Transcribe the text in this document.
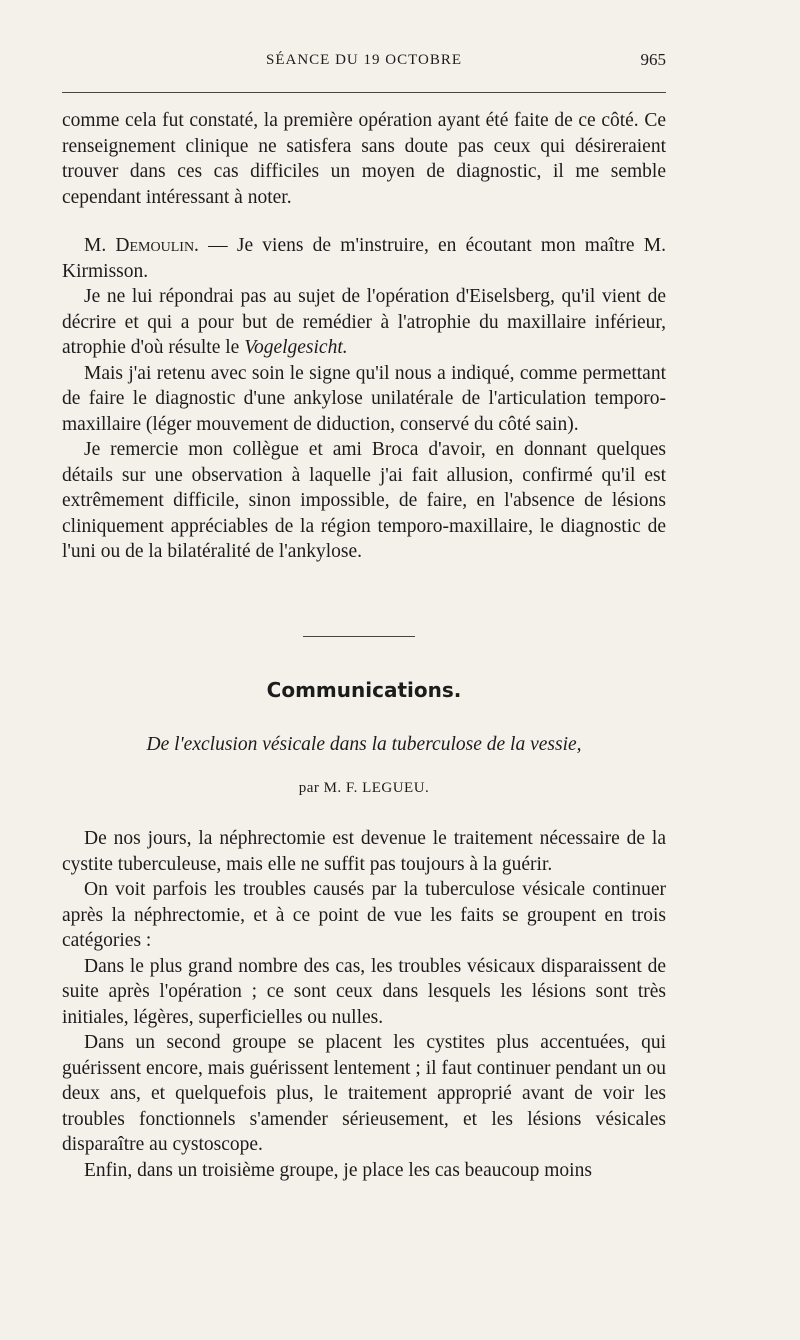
SÉANCE DU 19 OCTOBRE	965

comme cela fut constaté, la première opération ayant été faite de ce côté. Ce renseignement clinique ne satisfera sans doute pas ceux qui désireraient trouver dans ces cas difficiles un moyen de diagnostic, il me semble cependant intéressant à noter.

M. Demoulin. — Je viens de m'instruire, en écoutant mon maître M. Kirmisson.

Je ne lui répondrai pas au sujet de l'opération d'Eiselsberg, qu'il vient de décrire et qui a pour but de remédier à l'atrophie du maxillaire inférieur, atrophie d'où résulte le Vogelgesicht.

Mais j'ai retenu avec soin le signe qu'il nous a indiqué, comme permettant de faire le diagnostic d'une ankylose unilatérale de l'articulation temporo-maxillaire (léger mouvement de diduction, conservé du côté sain).

Je remercie mon collègue et ami Broca d'avoir, en donnant quelques détails sur une observation à laquelle j'ai fait allusion, confirmé qu'il est extrêmement difficile, sinon impossible, de faire, en l'absence de lésions cliniquement appréciables de la région temporo-maxillaire, le diagnostic de l'uni ou de la bilatéralité de l'ankylose.

Communications.
De l'exclusion vésicale dans la tuberculose de la vessie,
par M. F. LEGUEU.

De nos jours, la néphrectomie est devenue le traitement nécessaire de la cystite tuberculeuse, mais elle ne suffit pas toujours à la guérir.

On voit parfois les troubles causés par la tuberculose vésicale continuer après la néphrectomie, et à ce point de vue les faits se groupent en trois catégories :

Dans le plus grand nombre des cas, les troubles vésicaux disparaissent de suite après l'opération ; ce sont ceux dans lesquels les lésions sont très initiales, légères, superficielles ou nulles.

Dans un second groupe se placent les cystites plus accentuées, qui guérissent encore, mais guérissent lentement ; il faut continuer pendant un ou deux ans, et quelquefois plus, le traitement approprié avant de voir les troubles fonctionnels s'amender sérieusement, et les lésions vésicales disparaître au cystoscope.

Enfin, dans un troisième groupe, je place les cas beaucoup moins
